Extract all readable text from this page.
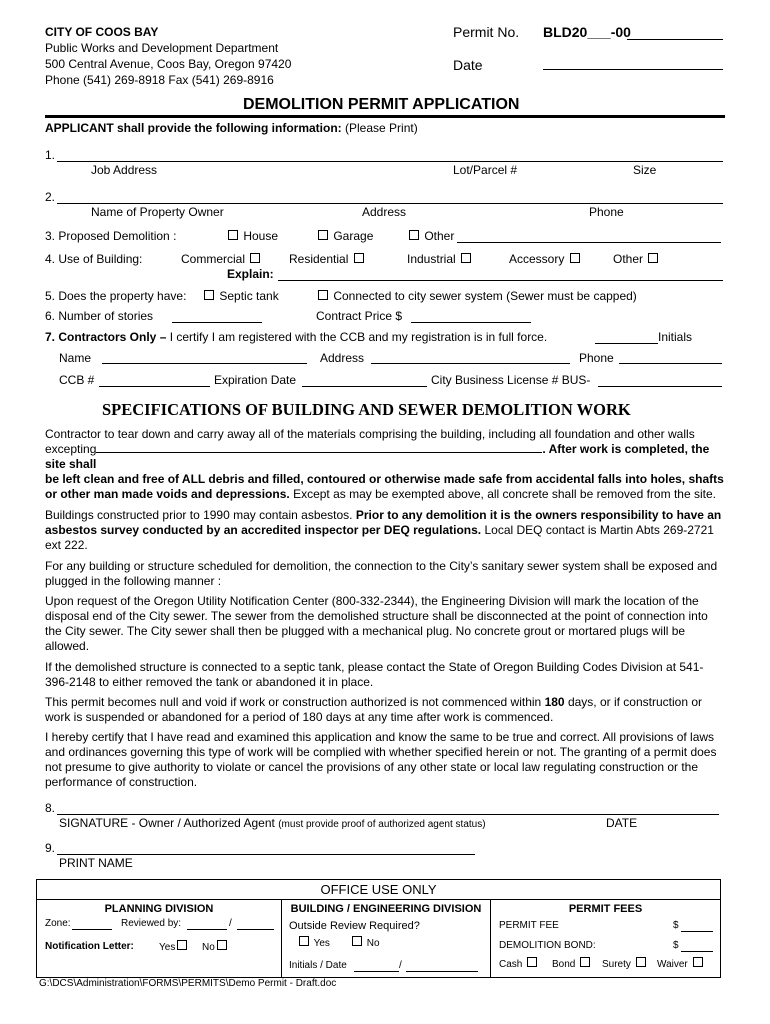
CITY OF COOS BAY
Public Works and Development Department
500 Central Avenue, Coos Bay, Oregon 97420
Phone (541) 269-8918 Fax (541) 269-8916
Permit No. BLD20___-00
Date
DEMOLITION PERMIT APPLICATION
APPLICANT shall provide the following information: (Please Print)
1.
Job Address	Lot/Parcel #	Size
2.
Name of Property Owner	Address	Phone
3. Proposed Demolition :	House	Garage	Other
4. Use of Building:	Commercial	Residential	Industrial	Accessory	Other
Explain:
5. Does the property have:	Septic tank	Connected to city sewer system (Sewer must be capped)
6. Number of stories	Contract Price $
7. Contractors Only – I certify I am registered with the CCB and my registration is in full force.	Initials
Name	Address	Phone
CCB #	Expiration Date	City Business License # BUS-
SPECIFICATIONS OF BUILDING AND SEWER DEMOLITION WORK

Contractor to tear down and carry away all of the materials comprising the building, including all foundation and other walls

excepting	. After work is completed, the site shall

be left clean and free of ALL debris and filled, contoured or otherwise made safe from accidental falls into holes, shafts or other man made voids and depressions. Except as may be exempted above, all concrete shall be removed from the site.

Buildings constructed prior to 1990 may contain asbestos. Prior to any demolition it is the owners responsibility to have an asbestos survey conducted by an accredited inspector per DEQ regulations. Local DEQ contact is Martin Abts 269-2721 ext 222.

For any building or structure scheduled for demolition, the connection to the City’s sanitary sewer system shall be exposed and plugged in the following manner :
Upon request of the Oregon Utility Notification Center (800-332-2344), the Engineering Division will mark the location of the disposal end of the City sewer. The sewer from the demolished structure shall be disconnected at the point of connection into the City sewer. The City sewer shall then be plugged with a mechanical plug. No concrete grout or mortared plugs will be allowed.
If the demolished structure is connected to a septic tank, please contact the State of Oregon Building Codes Division at 541-396-2148 to either removed the tank or abandoned it in place.
This permit becomes null and void if work or construction authorized is not commenced within 180 days, or if construction or work is suspended or abandoned for a period of 180 days at any time after work is commenced.
I hereby certify that I have read and examined this application and know the same to be true and correct. All provisions of laws and ordinances governing this type of work will be complied with whether specified herein or not. The granting of a permit does not presume to give authority to violate or cancel the provisions of any other state or local law regulating construction or the performance of construction.
8.
SIGNATURE - Owner / Authorized Agent (must provide proof of authorized agent status)	DATE
9.
PRINT NAME
OFFICE USE ONLY
PLANNING DIVISION
Zone:	Reviewed by:	/
Notification Letter:	Yes	No
BUILDING / ENGINEERING DIVISION
Outside Review Required?
Yes	No
Initials / Date	/
PERMIT FEES
PERMIT FEE	$
DEMOLITION BOND:	$
Cash	Bond	Surety	Waiver
G:\DCS\Administration\FORMS\PERMITS\Demo Permit - Draft.doc
